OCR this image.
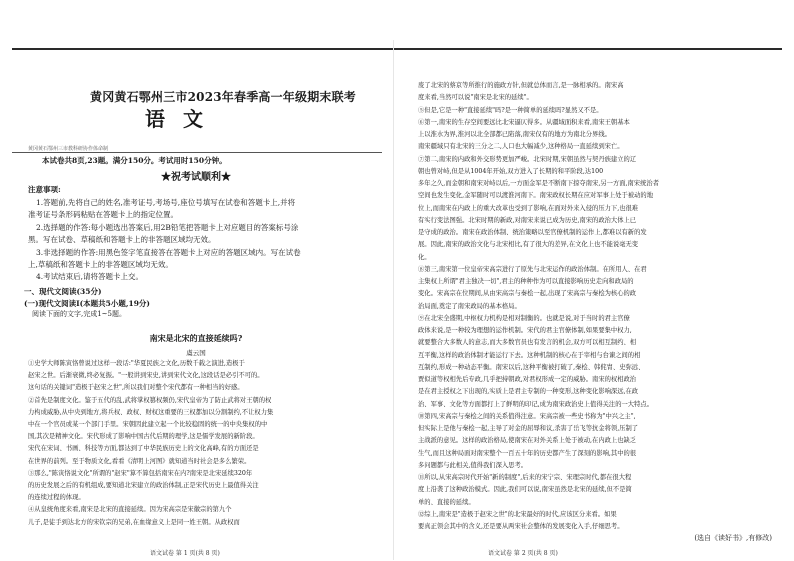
黄冈黄石鄂州三市2023年春季高一年级期末联考
语文
黄冈黄石鄂州三市教科研协作体命制
本试卷共8页,23题。满分150分。考试用时150分钟。
★祝考试顺利★
注意事项:
1.答题前,先将自己的姓名,准考证号,考场号,座位号填写在试卷和答题卡上,并将
准考证号条形码粘贴在答题卡上的指定位置。
2.选择题的作答:每小题选出答案后,用2B铅笔把答题卡上对应题目的答案标号涂
黑。写在试卷、草稿纸和答题卡上的非答题区域均无效。
3.非选择题的作答:用黑色签字笔直接答在答题卡上对应的答题区域内。写在试卷
上,草稿纸和答题卡上的非答题区域均无效。
4.考试结束后,请将答题卡上交。
一、现代文阅读(35分)
(一)现代文阅读Ⅰ(本题共5小题,19分)
阅读下面的文字,完成1~5题。
南宋是北宋的直接延续吗?
虞云国
①史学大师陈寅恪曾说过这样一段话:"华夏民族之文化,历数千载之演进,造极于
赵宋之世。后渐衰微,终必复振。"一般讲到宋史,讲到宋代文化,这段话是必引不可的。
这句话的关键词"造极于赵宋之世",所以我们对整个宋代都有一种相当的好感。
②首先是制度文化。鉴于五代的乱,武将掌权篡权频仍,宋代皇帝为了防止武将对王朝的权
力构成威胁,从中央到地方,将兵权、政权、财权这重要的三权都加以分割制约,不让权力集
中在一个官员或某一个部门手里。宋朝因此建立起一个比较稳固的统一的中央集权的中
国,其次是精神文化。宋代形成了影响中国古代后期的理学,这是儒学发展的新阶段。
宋代在宋词、书画、科技等方面,都达到了中华民族历史上的文化高峰,有的方面还是
在世界的前列。至于物质文化,看看《清明上河图》就知道当时社会是多么繁荣。
③那么,"陈寅恪说文化"所谓的"赵宋"算不算包括南宋在内?南宋是北宋延续320年
的历史发展之后的有机组成,要知道北宋建立的政治体制,正是宋代历史上最值得关注
的连续过程的体现。
④从皇统角度来看,南宋是北宋的直接延续。因为宋高宗是宋徽宗的第九个
儿子,是徒手到达北方的宋钦宗的兄弟,在血缘意义上是同一姓王朝。从政权而
语文试卷 第 1 页(共 8 页)
废了北宋的蔡京等所推行的施政方针,但就总体而言,是一脉相承的。南宋高
度来看,当然可以说"南宋是北宋的延续"。
⑤但是,它是一种"直接延续"吗?是一种简单的延续吗?显然又不是。
⑥第一,南宋的生存空间要远比北宋逼仄得多。从疆域面积来看,南宋王朝基本
上以淮水为界,淮河以北全部都已陷落,南宋仅有的地方为南北分界线。
南宋疆域只有北宋的三分之二,人口也大幅减少,这种格局一直延续到宋亡。
⑦第二,南宋的内政和外交形势更加严峻。北宋时期,宋朝虽然与契丹族建立的辽
朝也曾对峙,但是从1004年开始,双方进入了长期的和平阶段,达100
多年之久,而金朝和南宋对峙以后,一方面金军是不断南下掠夺南宋,另一方面,南宋统治者
空间也发生变化,金军随时可以渡淮河南下。南宋政权长期在应对军事上处于被动的地
位上,而南宋在内政上的重大改革也受到了影响,在面对外来入侵的压力下,也很难
有实行变法图强。北宋时期的新政,对南宋来说已成为历史,南宋的政治大体上已
是守成的政治。南宋在政治体制、统治策略以至官僚机制的运作上,都难以有新的发
展。因此,南宋的政治文化与北宋相比,有了很大的差异,在文化上也不能说毫无变
化。
⑧第三,南宋第一位皇帝宋高宗进行了原先与北宋运作的政治体制。在所用人、在君
主集权上所谓"君主独决一切",君主的种种作为可以直接影响历史走向和政局的
变化。宋高宗在位期间,从由宋高宗与秦桧一起,出现了宋高宗与秦桧为核心的政
治局面,奠定了南宋政局的基本格局。
⑨在北宋全盛期,中枢权力机构是相对制衡的。也就是说,对于当时的君主官僚
政体来说,是一种较为理想的运作机制。宋代的君主官僚体制,如果要集中权力,
就要整合大多数人的意志,而大多数官员也有发言的机会,双方可以相互制约、相
互平衡,这样的政治体制才能运行下去。这种机制的核心在于宰相与台谏之间的相
互制约,形成一种动态平衡。南宋以后,这种平衡被打破了,秦桧、韩侂胄、史弥远、
贾似道等权相先后专政,几乎把持朝政,对君权形成一定的威胁。南宋的权相政治
是在君主授权之下出现的,实质上是君主专制的一种变形,这种变化影响深远,在政
治、军事、文化等方面都打上了鲜明的印记,成为南宋政治史上值得关注的一大特点。
⑩第四,宋高宗与秦桧之间的关系值得注意。宋高宗被一些史书称为"中兴之主",
但实际上是他与秦桧一起,主导了对金的屈辱和议,杀害了岳飞等抗金将领,压制了
主战派的意见。这样的政治格局,使南宋在对外关系上处于被动,在内政上也缺乏
生气,而且这种局面对南宋整个一百五十年的历史都产生了深刻的影响,其中的很
多问题都与此相关,值得我们深入思考。
⑪所以,从宋高宗时代开始"新的制度",后来的宋宁宗、宋理宗时代,都在很大程
度上沿袭了这种政治模式。因此,我们可以说,南宋虽然是北宋的延续,但不是简
单的、直接的延续。
⑫综上,南宋是"造极于赵宋之世"的北宋最好的时代,应该区分来看。如果
要真正领会其中的含义,还是要从两宋社会整体的发展变化入手,仔细思考。
(选自《读好书》,有修改)
语文试卷 第 2 页(共 8 页)
